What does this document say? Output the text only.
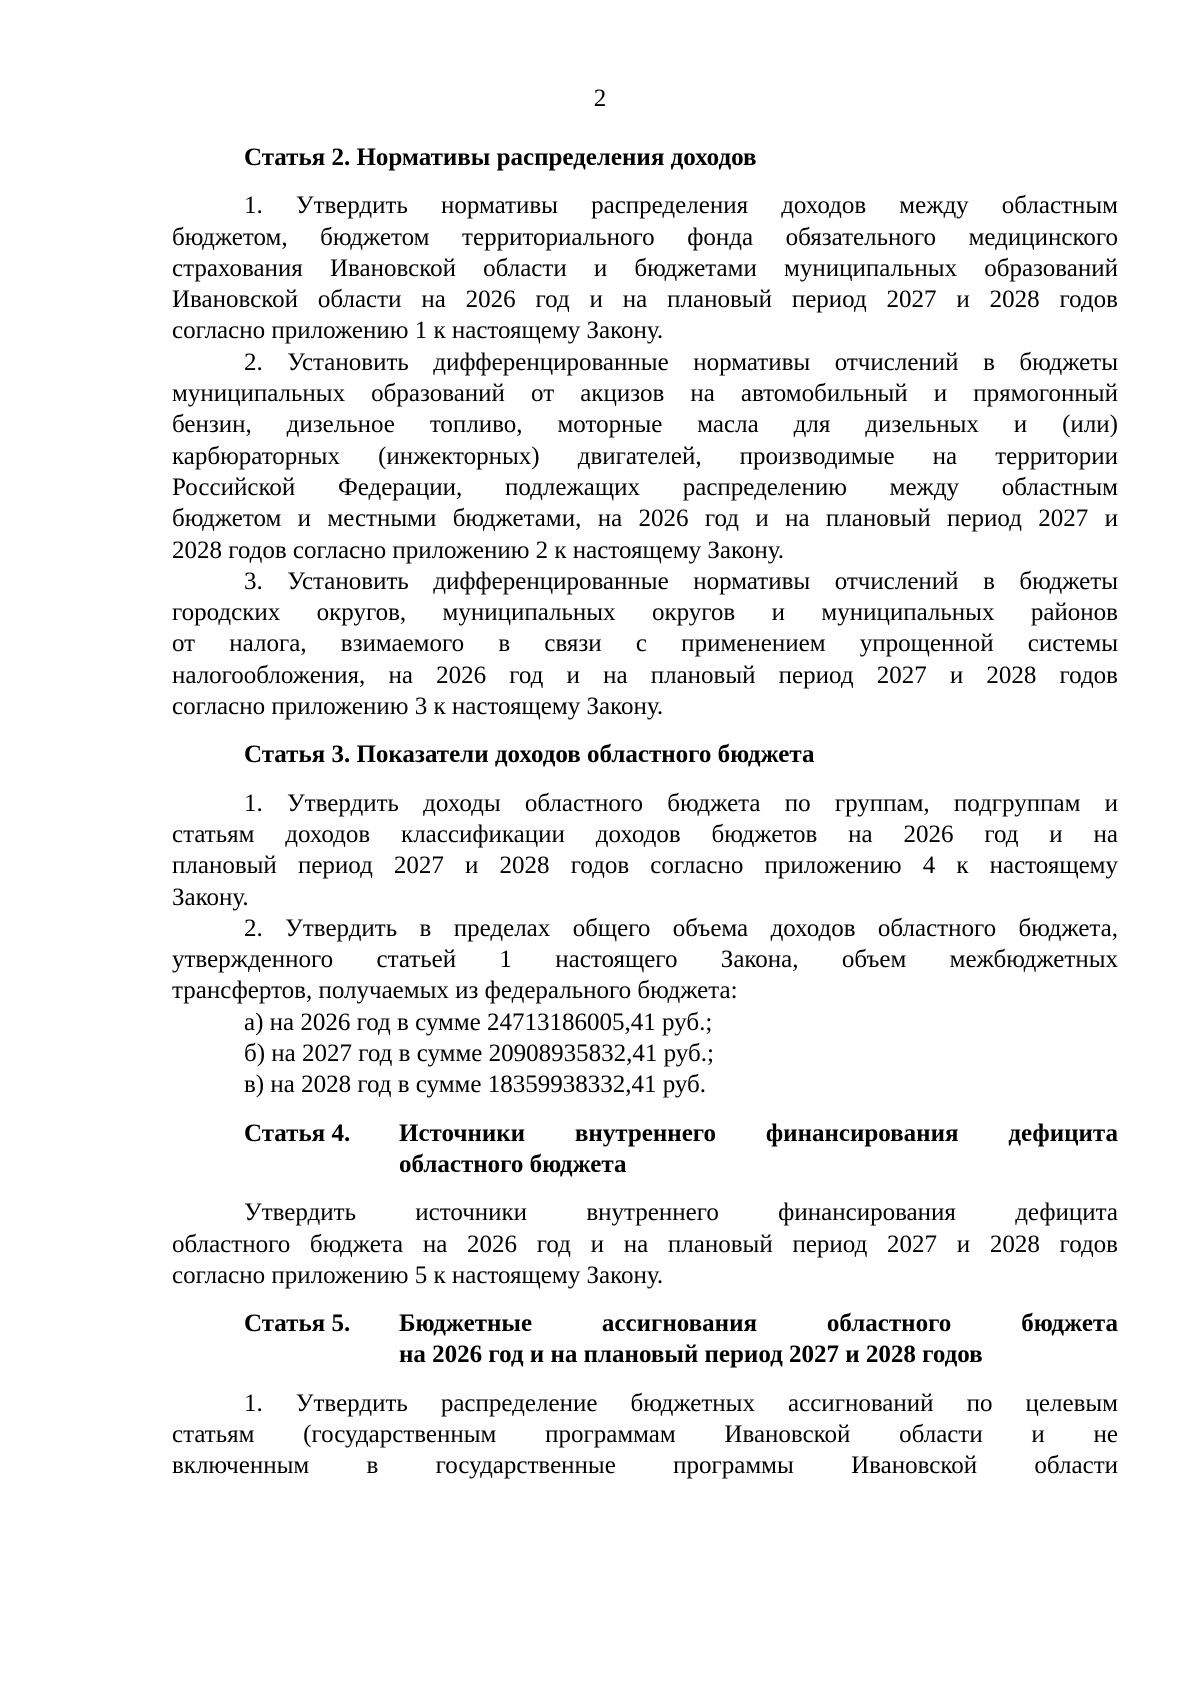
2
Статья 2. Нормативы распределения доходов
1. Утвердить нормативы распределения доходов между областным
бюджетом, бюджетом территориального фонда обязательного медицинского
страхования Ивановской области и бюджетами муниципальных образований
Ивановской области на 2026 год и на плановый период 2027 и 2028 годов
согласно приложению 1 к настоящему Закону.
2. Установить дифференцированные нормативы отчислений в бюджеты
муниципальных образований от акцизов на автомобильный и прямогонный
бензин, дизельное топливо, моторные масла для дизельных и (или)
карбюраторных (инжекторных) двигателей, производимые на территории
Российской Федерации, подлежащих распределению между областным
бюджетом и местными бюджетами, на 2026 год и на плановый период 2027 и
2028 годов согласно приложению 2 к настоящему Закону.
3. Установить дифференцированные нормативы отчислений в бюджеты
городских округов, муниципальных округов и муниципальных районов
от налога, взимаемого в связи с применением упрощенной системы
налогообложения, на 2026 год и на плановый период 2027 и 2028 годов
согласно приложению 3 к настоящему Закону.
Статья 3. Показатели доходов областного бюджета
1. Утвердить доходы областного бюджета по группам, подгруппам и
статьям доходов классификации доходов бюджетов на 2026 год и на
плановый период 2027 и 2028 годов согласно приложению 4 к настоящему
Закону.
2. Утвердить в пределах общего объема доходов областного бюджета,
утвержденного статьей 1 настоящего Закона, объем межбюджетных
трансфертов, получаемых из федерального бюджета:
а) на 2026 год в сумме 24713186005,41 руб.;
б) на 2027 год в сумме 20908935832,41 руб.;
в) на 2028 год в сумме 18359938332,41 руб.
Статья 4.	Источники внутреннего финансирования дефицита
областного бюджета
Утвердить источники внутреннего финансирования дефицита
областного бюджета на 2026 год и на плановый период 2027 и 2028 годов
согласно приложению 5 к настоящему Закону.
Статья 5.	Бюджетные ассигнования областного бюджета
на 2026 год и на плановый период 2027 и 2028 годов
1. Утвердить распределение бюджетных ассигнований по целевым
статьям (государственным программам Ивановской области и не
включенным в государственные программы Ивановской области
